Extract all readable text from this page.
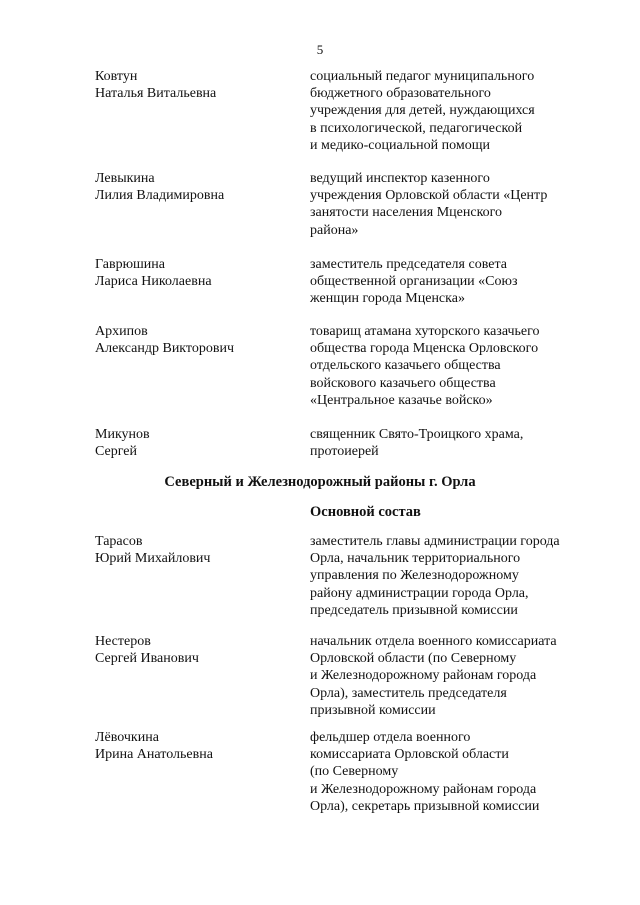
5
Ковтун
Наталья Витальевна
социальный педагог муниципального
бюджетного образовательного
учреждения для детей, нуждающихся
в психологической, педагогической
и медико-социальной помощи
Левыкина
Лилия Владимировна
ведущий инспектор казенного
учреждения Орловской области «Центр
занятости населения Мценского
района»
Гаврюшина
Лариса Николаевна
заместитель председателя совета
общественной организации «Союз
женщин города Мценска»
Архипов
Александр Викторович
товарищ атамана хуторского казачьего
общества города Мценска Орловского
отдельского казачьего общества
войскового казачьего общества
«Центральное казачье войско»
Микунов
Сергей
священник Свято-Троицкого храма,
протоиерей
Северный и Железнодорожный районы г. Орла
Основной состав
Тарасов
Юрий Михайлович
заместитель главы администрации города
Орла, начальник территориального
управления по Железнодорожному
району администрации города Орла,
председатель призывной комиссии
Нестеров
Сергей Иванович
начальник отдела военного комиссариата
Орловской области (по Северному
и Железнодорожному районам города
Орла), заместитель председателя
призывной комиссии
Лёвочкина
Ирина Анатольевна
фельдшер отдела военного
комиссариата Орловской области
(по Северному
и Железнодорожному районам города
Орла), секретарь призывной комиссии
